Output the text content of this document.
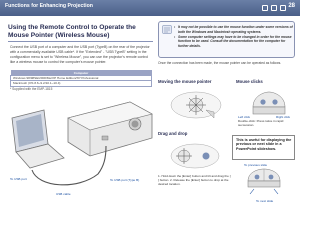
Functions for Enhancing Projection	28
Using the Remote Control to Operate the Mouse Pointer (Wireless Mouse)
Connect the USB port of a computer and the USB port (TypeB) on the rear of the projector with a commercially available USB cable*. If the "Extended" - "USB TypeB" setting in the configuration menu is set to "Wireless Mouse", you can use the projector's remote control like a wireless mouse to control the computer's mouse pointer.
Computer
Windows 98/98SE/2000/Me/XP Home Edition/XP Professional
Macintosh (OS 8.6~9.2/10.1~10.4)
* Supplied with the EMP-1815
To USB port
USB cable
To USB port (Type B)
• It may not be possible to use the mouse function under some versions of both the Windows and Macintosh operating systems.
• Some computer settings may have to be changed in order for the mouse function to be used. Consult the documentation for the computer for further details.
Once the connection has been made, the mouse pointer can be operated as follows.
Moving the mouse pointer	Mouse clicks
Left click	Right click
Double-click: Press twice in rapid succession.
Drag and drop
1. Hold down the [Enter] button and tilt and drag the [ ] button. 2. Release the [Enter] button to drop at the desired location.
This is useful for displaying the previous or next slide in a PowerPoint slideshow.
To previous slide
To next slide
